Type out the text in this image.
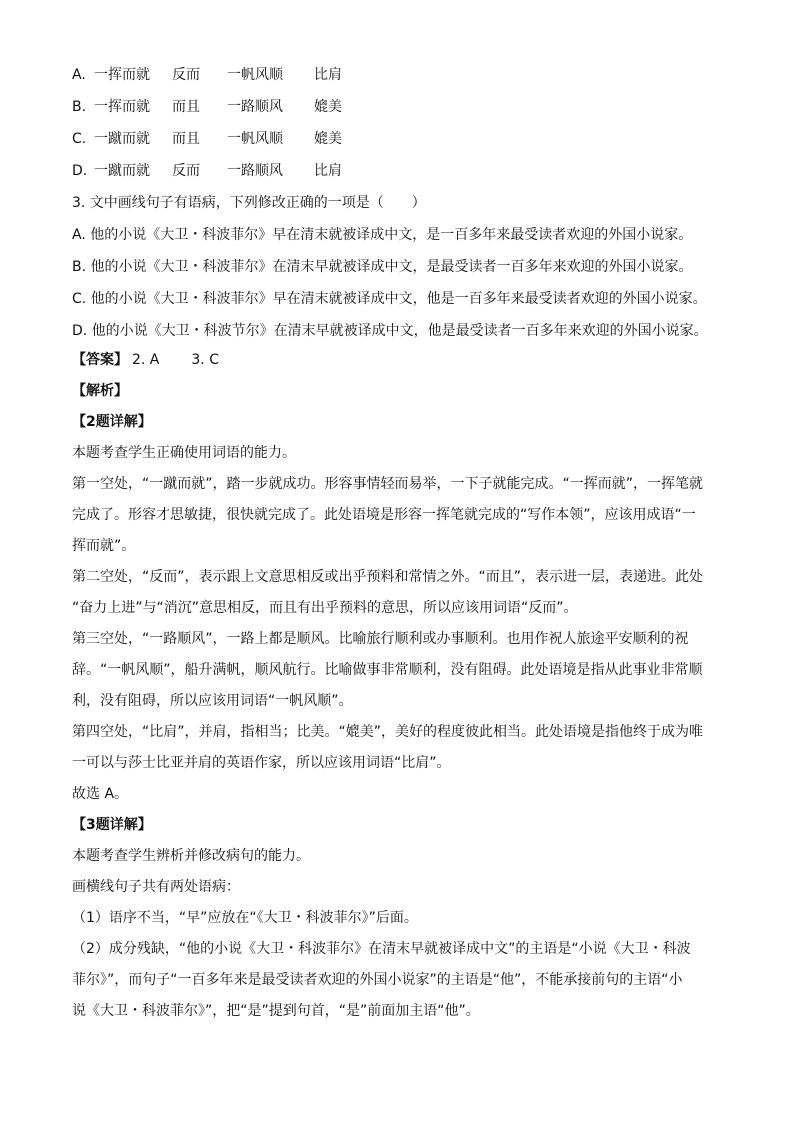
A. 一挥而就 反而 一帆风顺 比肩
B. 一挥而就 而且 一路顺风 媲美
C. 一蹴而就 而且 一帆风顺 媲美
D. 一蹴而就 反而 一路顺风 比肩
3. 文中画线句子有语病，下列修改正确的一项是（　　）
A. 他的小说《大卫・科波菲尔》早在清末就被译成中文，是一百多年来最受读者欢迎的外国小说家。
B. 他的小说《大卫・科波菲尔》在清末早就被译成中文，是最受读者一百多年来欢迎的外国小说家。
C. 他的小说《大卫・科波菲尔》早在清末就被译成中文，他是一百多年来最受读者欢迎的外国小说家。
D. 他的小说《大卫・科波节尔》在清末早就被译成中文，他是最受读者一百多年来欢迎的外国小说家。
【答案】 2. A 3. C
【解析】
【2题详解】
本题考查学生正确使用词语的能力。
第一空处，“一蹴而就”，踏一步就成功。形容事情轻而易举，一下子就能完成。“一挥而就”，一挥笔就
完成了。形容才思敏捷，很快就完成了。此处语境是形容一挥笔就完成的“写作本领”，应该用成语“一
挥而就”。
第二空处，“反而”，表示跟上文意思相反或出乎预料和常情之外。“而且”，表示进一层，表递进。此处
“奋力上进”与“消沉”意思相反，而且有出乎预料的意思，所以应该用词语“反而”。
第三空处，“一路顺风”，一路上都是顺风。比喻旅行顺利或办事顺利。也用作祝人旅途平安顺利的祝
辞。“一帆风顺”，船升满帆，顺风航行。比喻做事非常顺利，没有阻碍。此处语境是指从此事业非常顺
利，没有阻碍，所以应该用词语“一帆风顺”。
第四空处，“比肩”，并肩，指相当；比美。“媲美”，美好的程度彼此相当。此处语境是指他终于成为唯
一可以与莎士比亚并肩的英语作家，所以应该用词语“比肩”。
故选 A。
【3题详解】
本题考查学生辨析并修改病句的能力。
画横线句子共有两处语病：
（1）语序不当，“早”应放在“《大卫・科波菲尔》”后面。
（2）成分残缺，“他的小说《大卫・科波菲尔》在清末早就被译成中文”的主语是“小说《大卫・科波
菲尔》”，而句子“一百多年来是最受读者欢迎的外国小说家”的主语是“他”，不能承接前句的主语“小
说《大卫・科波菲尔》”，把“是”提到句首，“是”前面加主语“他”。
